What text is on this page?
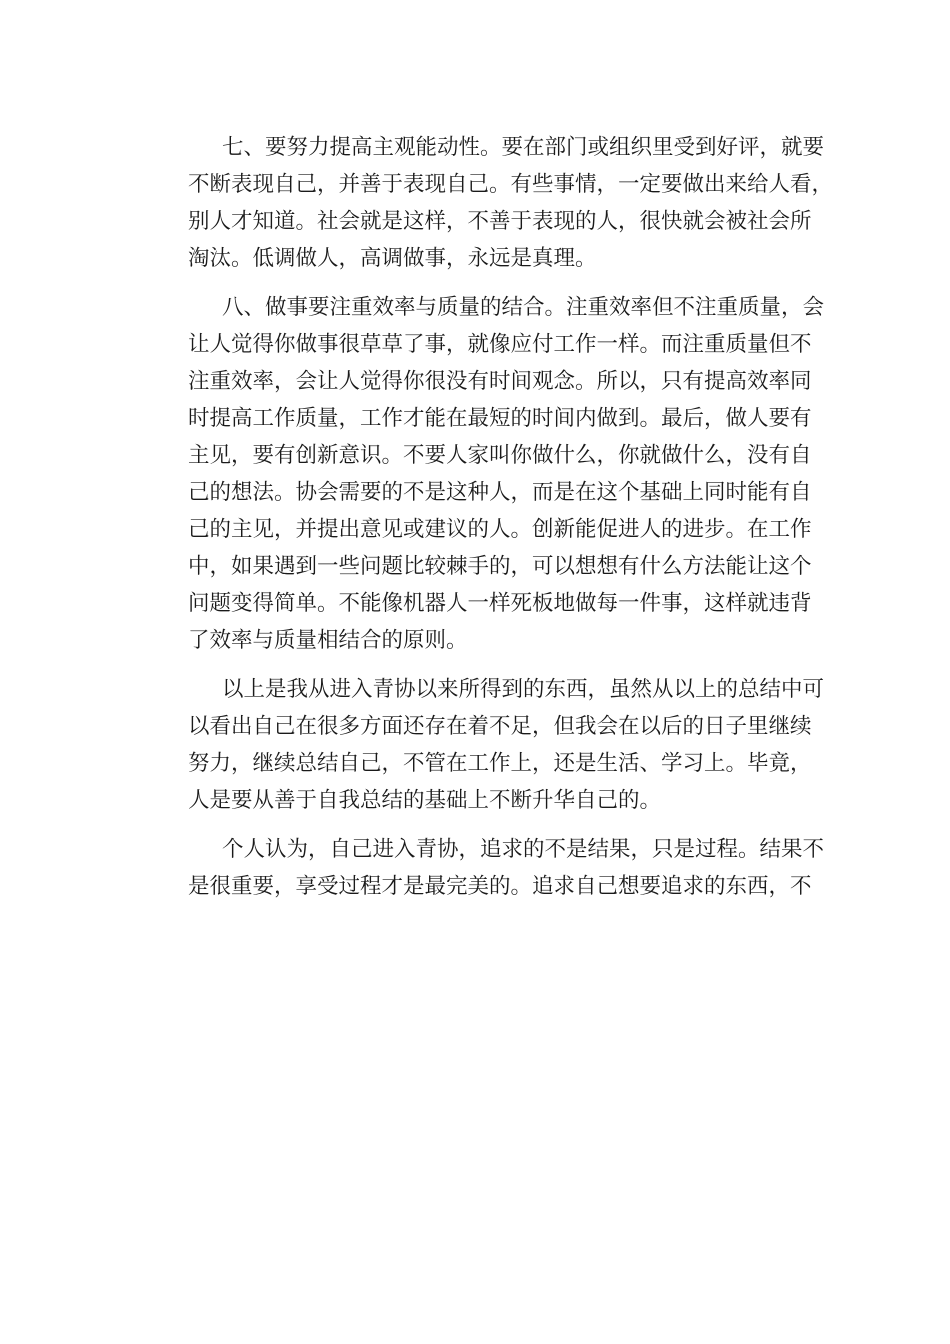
七、要努力提高主观能动性。要在部门或组织里受到好评，就要
不断表现自己，并善于表现自己。有些事情，一定要做出来给人看，
别人才知道。社会就是这样，不善于表现的人，很快就会被社会所
淘汰。低调做人，高调做事，永远是真理。
八、做事要注重效率与质量的结合。注重效率但不注重质量，会
让人觉得你做事很草草了事，就像应付工作一样。而注重质量但不
注重效率，会让人觉得你很没有时间观念。所以，只有提高效率同
时提高工作质量，工作才能在最短的时间内做到。最后，做人要有
主见，要有创新意识。不要人家叫你做什么，你就做什么，没有自
己的想法。协会需要的不是这种人，而是在这个基础上同时能有自
己的主见，并提出意见或建议的人。创新能促进人的进步。在工作
中，如果遇到一些问题比较棘手的，可以想想有什么方法能让这个
问题变得简单。不能像机器人一样死板地做每一件事，这样就违背
了效率与质量相结合的原则。
以上是我从进入青协以来所得到的东西，虽然从以上的总结中可
以看出自己在很多方面还存在着不足，但我会在以后的日子里继续
努力，继续总结自己，不管在工作上，还是生活、学习上。毕竟，
人是要从善于自我总结的基础上不断升华自己的。
个人认为，自己进入青协，追求的不是结果，只是过程。结果不
是很重要，享受过程才是最完美的。追求自己想要追求的东西，不
